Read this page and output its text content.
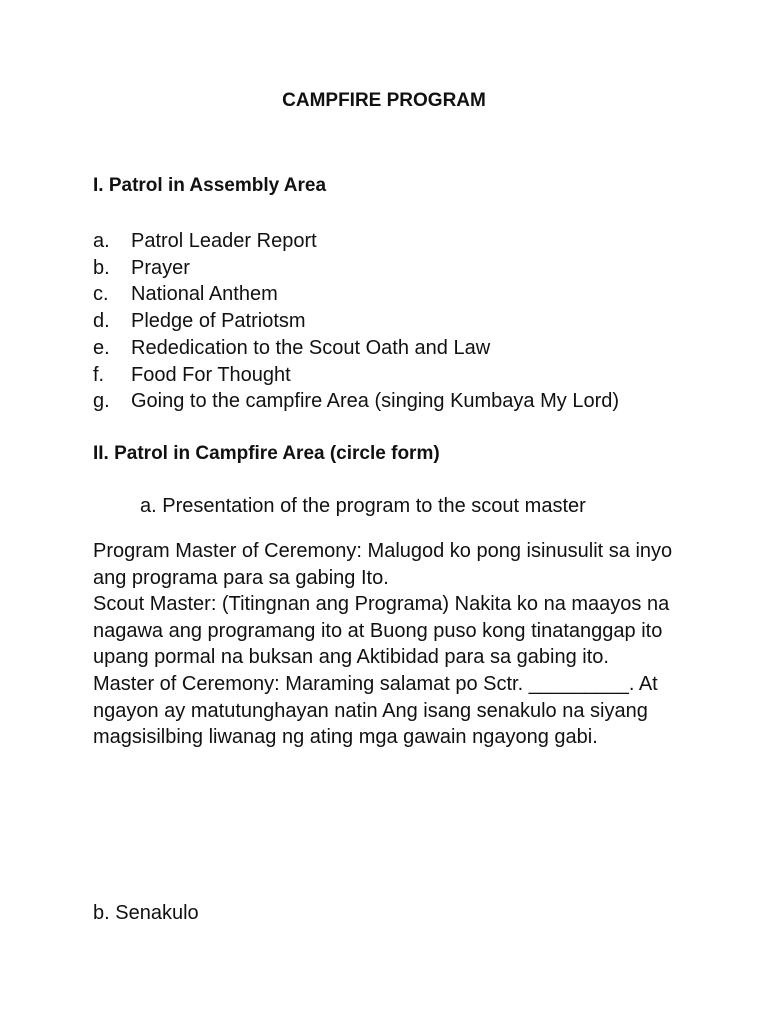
CAMPFIRE PROGRAM
I. Patrol in Assembly Area
a.	Patrol Leader Report
b.	Prayer
c.	National Anthem
d.	Pledge of Patriotsm
e.	Rededication to the Scout Oath and Law
f.	Food For Thought
g.	Going to the campfire Area (singing Kumbaya My Lord)
II. Patrol in Campfire Area (circle form)
a. Presentation of the program to the scout master

Program Master of Ceremony: Malugod ko pong isinusulit sa inyo ang programa para sa gabing Ito.

Scout Master: (Titingnan ang Programa) Nakita ko na maayos na nagawa ang programang ito at Buong puso kong tinatanggap ito upang pormal na buksan ang Aktibidad para sa gabing ito.

Master of Ceremony: Maraming salamat po Sctr. _________. At ngayon ay matutunghayan natin Ang isang senakulo na siyang magsisilbing liwanag ng ating mga gawain ngayong gabi.

b. Senakulo
